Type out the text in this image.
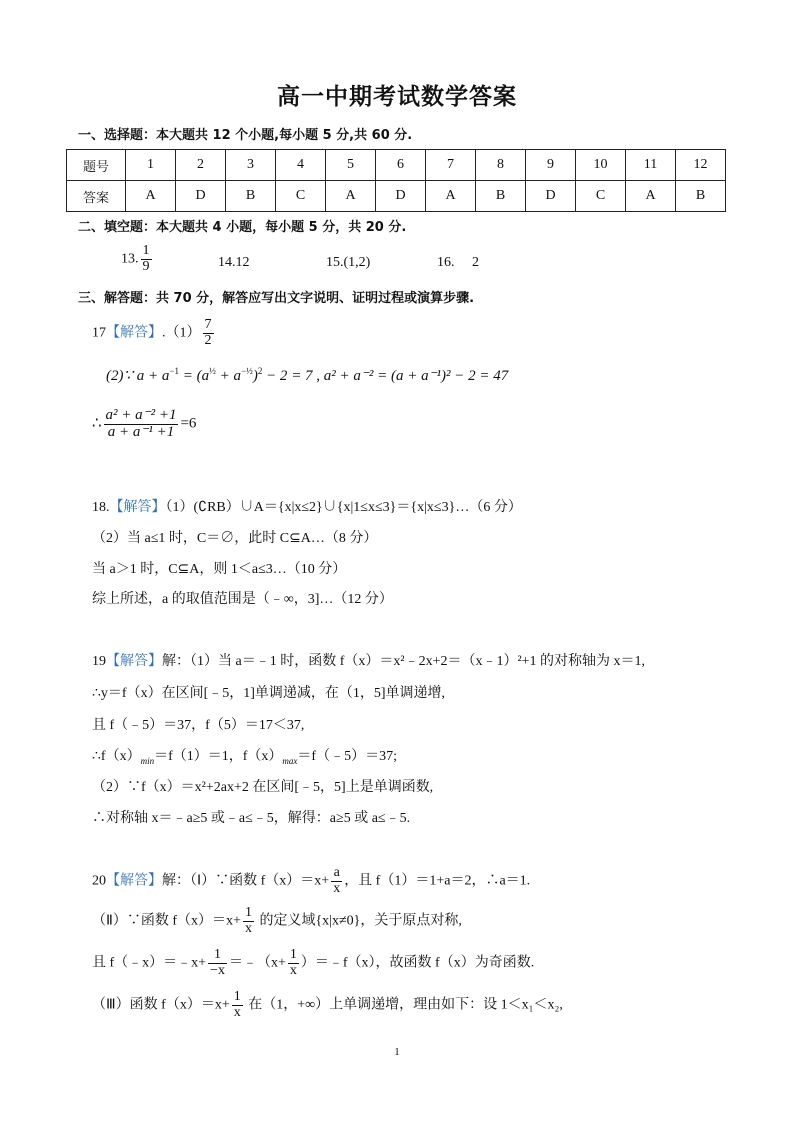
高一中期考试数学答案
一、选择题：本大题共 12 个小题,每小题 5 分,共 60 分.
题号	1	2	3	4	5	6	7	8	9	10	11	12
答案	A	D	B	C	A	D	A	B	D	C	A	B
二、填空题：本大题共 4 小题，每小题 5 分，共 20 分.
13. $\frac{1}{9}$	14.12	15.(1,2)	16. 2
三、解答题：共 70 分，解答应写出文字说明、证明过程或演算步骤.
17【解答】$.(1) \frac{7}{2}$
(2)∵ $a + a^{-1} = (a^{\frac{1}{2}} + a^{-\frac{1}{2}})^2 - 2 = 7$ , a² + a⁻² = (a + a⁻¹)² − 2 = 47
∴ $\frac{\text{a² + a⁻² +1}}{\text{a + a⁻¹ +1}} =6$
18.【解答】（1）(∁RB）∪A＝{x|x≤2}∪{x|1≤x≤3}＝{x|x≤3}…（6 分）
（2）当 a≤1 时，C＝∅，此时 C⊆A…（8 分）
当 a＞1 时，C⊆A，则 1＜a≤3…（10 分）
综上所述，a 的取值范围是（﹣∞，3]…（12 分）
19【解答】解：（1）当 a＝﹣1 时，函数 f（x）＝x²﹣2x+2＝（x﹣1）²+1 的对称轴为 x＝1,
∴y＝f（x）在区间[﹣5，1]单调递减，在（1，5]单调递增,
且 f（﹣5）＝37，f（5）＝17＜37,
$\therefore f(x)_{min}=f(1)=1$，$f(x)_{max}=f(﹣5)=37$;
（2）∵f（x）＝x²+2ax+2 在区间[﹣5，5]上是单调函数,
∴对称轴 x＝﹣a≥5 或﹣a≤﹣5，解得：a≥5 或 a≤﹣5.
20【解答】解：（Ⅰ）∵函数 $f(x)=x+ \frac{a}{x}$ ，且 f（1）＝1+a＝2，∴a＝1.
（Ⅱ）∵函数 $f(x)=x+ \frac{1}{x}$ 的定义域{x|x≠0}，关于原点对称,
且 f（﹣x）＝﹣x+ $\frac{1}{-x}$ ＝﹣（x+ $\frac{1}{x}$ ）＝﹣f（x），故函数 f（x）为奇函数.
（Ⅲ）函数 $f(x)=x+ \frac{1}{x}$ 在（1，+∞）上单调递增，理由如下：设 1＜x₁＜x₂,
1
